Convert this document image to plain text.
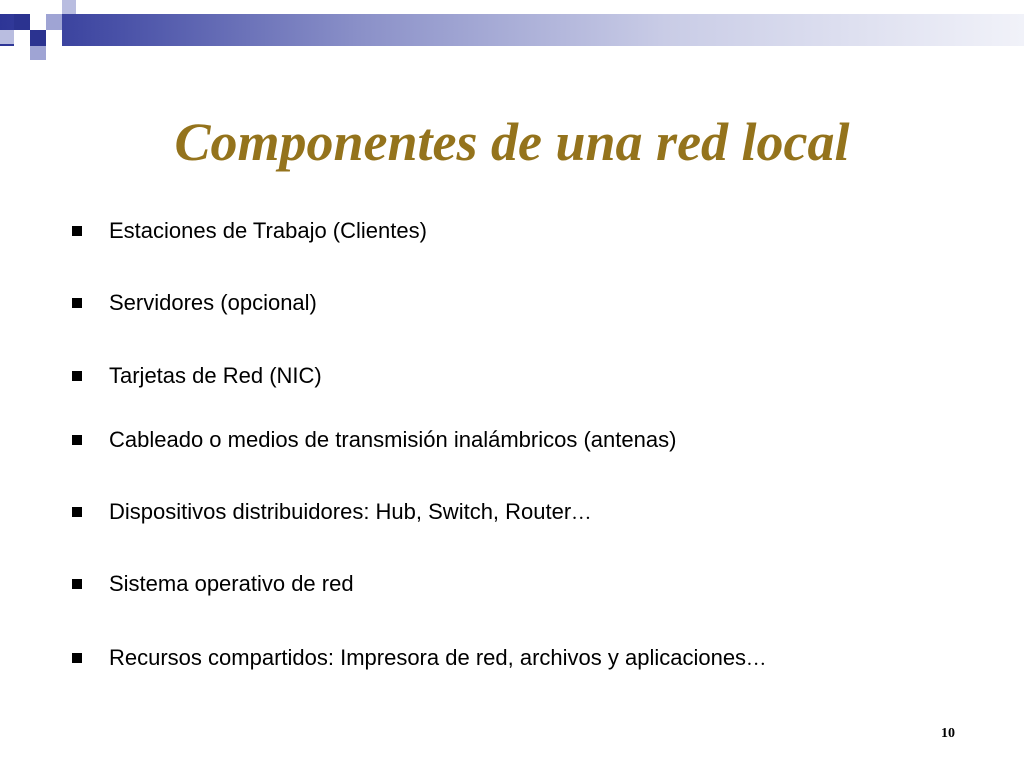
Componentes de una red local
Estaciones de Trabajo (Clientes)
Servidores (opcional)
Tarjetas de Red (NIC)
Cableado o medios de transmisión inalámbricos (antenas)
Dispositivos distribuidores: Hub, Switch, Router…
Sistema operativo de red
Recursos compartidos: Impresora de red, archivos y aplicaciones…
10
